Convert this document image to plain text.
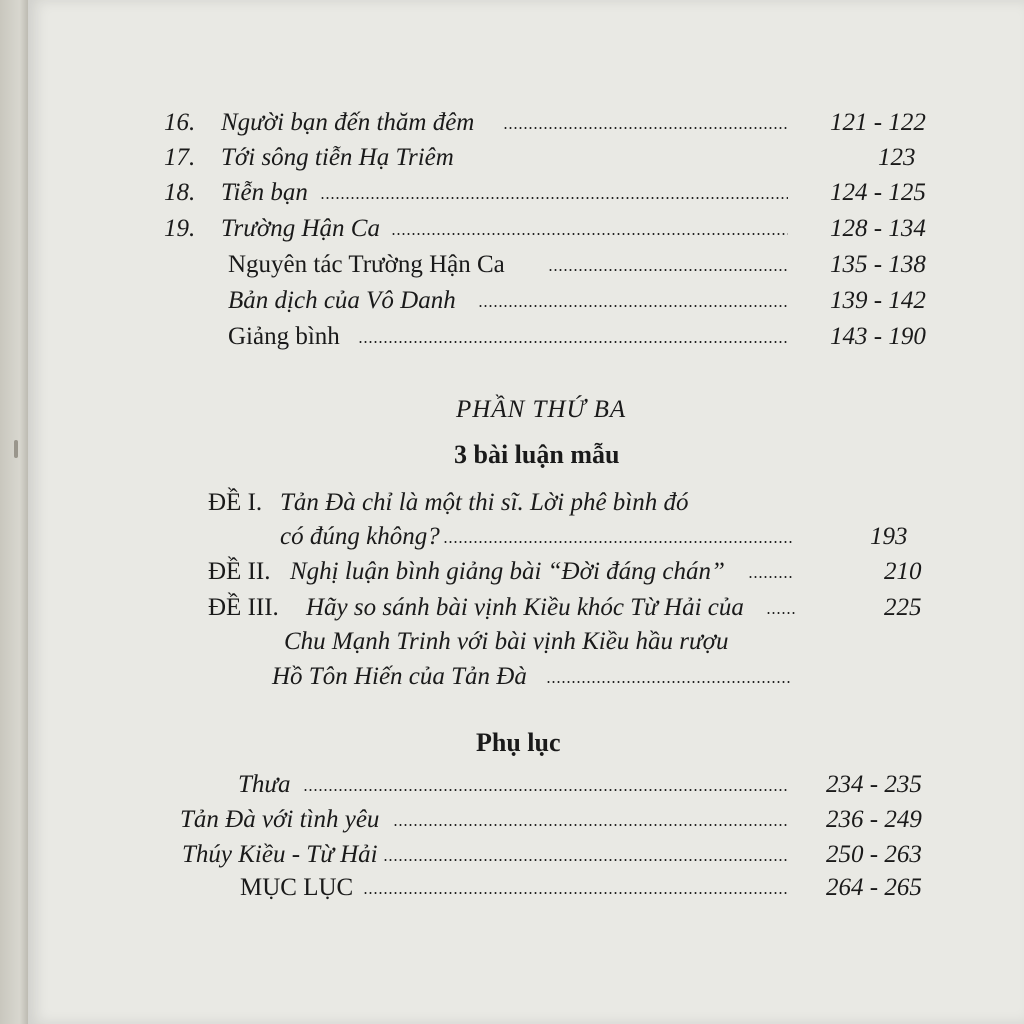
16. Người bạn đến thăm đêm	121 - 122
17. Tới sông tiễn Hạ Triêm	123
18. Tiễn bạn	124 - 125
19. Trường Hận Ca	128 - 134
Nguyên tác Trường Hận Ca	135 - 138
Bản dịch của Vô Danh	139 - 142
Giảng bình	143 - 190
PHẦN THỨ BA
3 bài luận mẫu
ĐỀ I. Tản Đà chỉ là một thi sĩ. Lời phê bình đó
có đúng không?	193
ĐỀ II. Nghị luận bình giảng bài “Đời đáng chán”	210
ĐỀ III. Hãy so sánh bài vịnh Kiều khóc Từ Hải của	225
Chu Mạnh Trinh với bài vịnh Kiều hầu rượu
Hồ Tôn Hiến của Tản Đà
Phụ lục
Thưa	234 - 235
Tản Đà với tình yêu	236 - 249
Thúy Kiều - Từ Hải	250 - 263
MỤC LỤC	264 - 265
